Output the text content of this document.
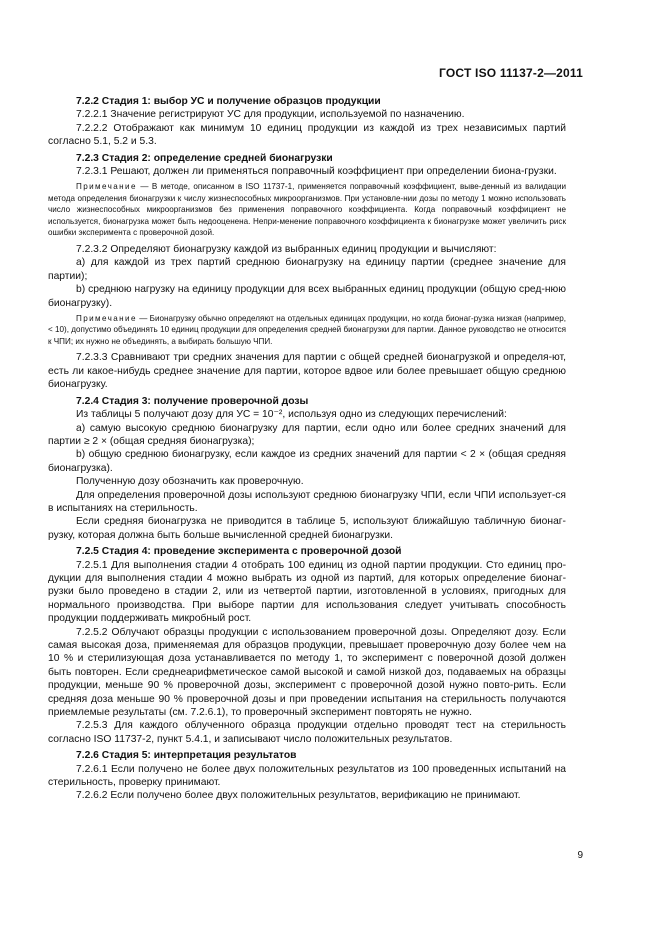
ГОСТ ISO 11137-2—2011

7.2.2 Стадия 1: выбор УС и получение образцов продукции

7.2.2.1 Значение регистрируют УС для продукции, используемой по назначению.

7.2.2.2 Отображают как минимум 10 единиц продукции из каждой из трех независимых партий согласно 5.1, 5.2 и 5.3.

7.2.3 Стадия 2: определение средней бионагрузки

7.2.3.1 Решают, должен ли применяться поправочный коэффициент при определении биона-грузки.

Примечание — В методе, описанном в ISO 11737-1, применяется поправочный коэффициент, выве-денный из валидации метода определения бионагрузки к числу жизнеспособных микроорганизмов. При установле-нии дозы по методу 1 можно использовать число жизнеспособных микроорганизмов без применения поправочного коэффициента. Когда поправочный коэффициент не используется, бионагрузка может быть недооценена. Непри-менение поправочного коэффициента к бионагрузке может увеличить риск ошибки эксперимента с проверочной дозой.

7.2.3.2 Определяют бионагрузку каждой из выбранных единиц продукции и вычисляют:

а) для каждой из трех партий среднюю бионагрузку на единицу партии (среднее значение для партии);

b) среднюю нагрузку на единицу продукции для всех выбранных единиц продукции (общую сред-нюю бионагрузку).

Примечание — Бионагрузку обычно определяют на отдельных единицах продукции, но когда бионаг-рузка низкая (например, < 10), допустимо объединять 10 единиц продукции для определения средней бионагрузки для партии. Данное руководство не относится к ЧПИ; их нужно не объединять, а выбирать большую ЧПИ.

7.2.3.3 Сравнивают три средних значения для партии с общей средней бионагрузкой и определя-ют, есть ли какое-нибудь среднее значение для партии, которое вдвое или более превышает общую среднюю бионагрузку.

7.2.4 Стадия 3: получение проверочной дозы

Из таблицы 5 получают дозу для УС = 10⁻², используя одно из следующих перечислений:

а) самую высокую среднюю бионагрузку для партии, если одно или более средних значений для партии ≥ 2 × (общая средняя бионагрузка);

b) общую среднюю бионагрузку, если каждое из средних значений для партии < 2 × (общая средняя бионагрузка).

Полученную дозу обозначить как проверочную.

Для определения проверочной дозы используют среднюю бионагрузку ЧПИ, если ЧПИ использует-ся в испытаниях на стерильность.

Если средняя бионагрузка не приводится в таблице 5, используют ближайшую табличную бионаг-рузку, которая должна быть больше вычисленной средней бионагрузки.

7.2.5 Стадия 4: проведение эксперимента с проверочной дозой

7.2.5.1 Для выполнения стадии 4 отобрать 100 единиц из одной партии продукции. Сто единиц про-дукции для выполнения стадии 4 можно выбрать из одной из партий, для которых определение бионаг-рузки было проведено в стадии 2, или из четвертой партии, изготовленной в условиях, пригодных для нормального производства. При выборе партии для использования следует учитывать способность продукции поддерживать микробный рост.

7.2.5.2 Облучают образцы продукции с использованием проверочной дозы. Определяют дозу. Если самая высокая доза, применяемая для образцов продукции, превышает проверочную дозу более чем на 10 % и стерилизующая доза устанавливается по методу 1, то эксперимент с поверочной дозой должен быть повторен. Если среднеарифметическое самой высокой и самой низкой доз, подаваемых на образцы продукции, меньше 90 % проверочной дозы, эксперимент с проверочной дозой нужно повто-рить. Если средняя доза меньше 90 % проверочной дозы и при проведении испытания на стерильность получаются приемлемые результаты (см. 7.2.6.1), то проверочный эксперимент повторять не нужно.

7.2.5.3 Для каждого облученного образца продукции отдельно проводят тест на стерильность согласно ISO 11737-2, пункт 5.4.1, и записывают число положительных результатов.

7.2.6 Стадия 5: интерпретация результатов

7.2.6.1 Если получено не более двух положительных результатов из 100 проведенных испытаний на стерильность, проверку принимают.

7.2.6.2 Если получено более двух положительных результатов, верификацию не принимают.

9
